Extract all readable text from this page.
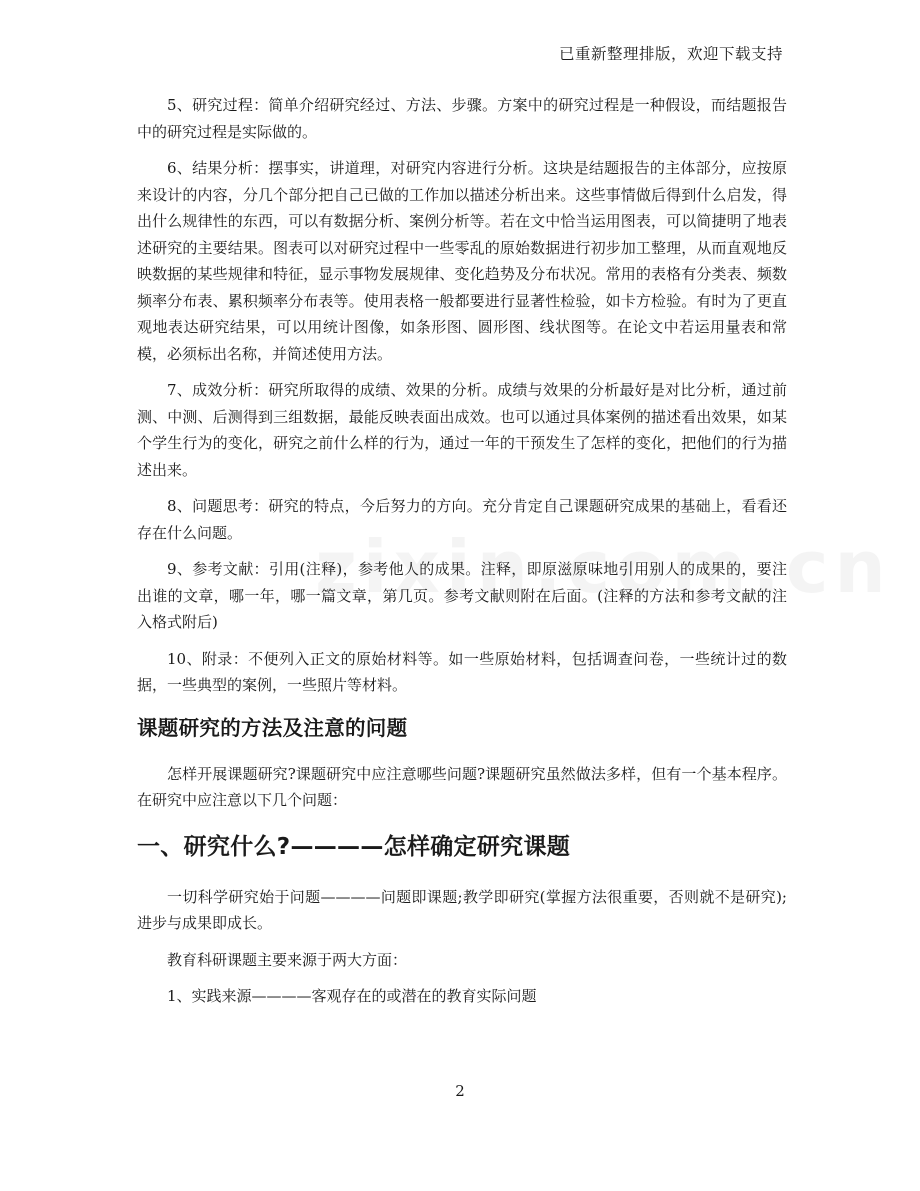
已重新整理排版，欢迎下载支持

5、研究过程：简单介绍研究经过、方法、步骤。方案中的研究过程是一种假设，而结题报告中的研究过程是实际做的。

6、结果分析：摆事实，讲道理，对研究内容进行分析。这块是结题报告的主体部分，应按原来设计的内容，分几个部分把自己已做的工作加以描述分析出来。这些事情做后得到什么启发，得出什么规律性的东西，可以有数据分析、案例分析等。若在文中恰当运用图表，可以简捷明了地表述研究的主要结果。图表可以对研究过程中一些零乱的原始数据进行初步加工整理，从而直观地反映数据的某些规律和特征，显示事物发展规律、变化趋势及分布状况。常用的表格有分类表、频数频率分布表、累积频率分布表等。使用表格一般都要进行显著性检验，如卡方检验。有时为了更直观地表达研究结果，可以用统计图像，如条形图、圆形图、线状图等。在论文中若运用量表和常模，必须标出名称，并简述使用方法。

7、成效分析：研究所取得的成绩、效果的分析。成绩与效果的分析最好是对比分析，通过前测、中测、后测得到三组数据，最能反映表面出成效。也可以通过具体案例的描述看出效果，如某个学生行为的变化，研究之前什么样的行为，通过一年的干预发生了怎样的变化，把他们的行为描述出来。

8、问题思考：研究的特点，今后努力的方向。充分肯定自己课题研究成果的基础上，看看还存在什么问题。

9、参考文献：引用(注释)，参考他人的成果。注释，即原滋原味地引用别人的成果的，要注出谁的文章，哪一年，哪一篇文章，第几页。参考文献则附在后面。(注释的方法和参考文献的注入格式附后)

10、附录：不便列入正文的原始材料等。如一些原始材料，包括调查问卷，一些统计过的数据，一些典型的案例，一些照片等材料。

课题研究的方法及注意的问题

怎样开展课题研究?课题研究中应注意哪些问题?课题研究虽然做法多样，但有一个基本程序。在研究中应注意以下几个问题：

一、研究什么?————怎样确定研究课题

一切科学研究始于问题————问题即课题;教学即研究(掌握方法很重要，否则就不是研究);进步与成果即成长。

教育科研课题主要来源于两大方面：

1、实践来源————客观存在的或潜在的教育实际问题

2
